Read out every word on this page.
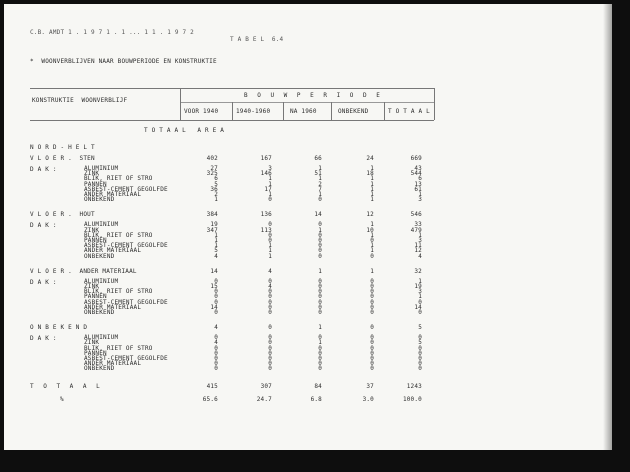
C.B. AMDT 1 . 1 9 7 1 . 1 ... 1 1 . 1 9 7 2
T A B E L  6.4
*  WOONVERBLIJVEN NAAR BOUWPERIODE EN KONSTRUKTIE
KONSTRUKTIE  WOONVERBLIJF
B O U W P E R I O D E
VOOR 1940	1940-1960	NA 1960	ONBEKEND	T O T A A L
T O T A A L   A R E A
N O R D - H E L T
V L O E R .  STEN	402	167	66	24	669
D A K :	ALUMINIUM	27	3	1	1	43
ZINK	325	146	51	18	544
BLIK, RIET OF STRO	6	1	1	1	6
PANNEN	5	1	2	1	13
ASBEST-CEMENT GEGOLFDE	36	17	7	1	61
ANDER MATERIAAL	2	1	1	1	1
ONBEKEND	1	0	0	1	3
V L O E R .  HOUT	384	136	14	12	546
D A K :	ALUMINIUM	19	0	0	1	33
ZINK	347	113	1	10	479
BLIK, RIET OF STRO	1	0	0	1	1
PANNEN	1	0	0	0	3
ASBEST-CEMENT GEGOLFDE	1	1	0	1	11
ANDER MATERIAAL	5	1	0	1	12
ONBEKEND	4	1	0	0	4
V L O E R .  ANDER MATERIAAL	14	4	1	1	32
D A K :	ALUMINIUM	0	0	0	0	1
ZINK	15	4	0	0	19
BLIK, RIET OF STRO	0	0	0	0	3
PANNEN	0	0	0	0	1
ASBEST-CEMENT GEGOLFDE	0	0	0	0	0
ANDER MATERIAAL	14	0	0	0	14
ONBEKEND	0	0	0	0	0
O N B E K E N D	4	0	1	0	5
D A K :	ALUMINIUM	0	0	0	0	0
ZINK	4	0	1	0	5
BLIK, RIET OF STRO	0	0	0	0	0
PANNEN	0	0	0	0	0
ASBEST-CEMENT GEGOLFDE	0	0	0	0	0
ANDER MATERIAAL	0	0	0	0	0
ONBEKEND	0	0	0	0	0
T O T A A L	415	307	84	37	1243
%	65.6	24.7	6.8	3.0	100.0
